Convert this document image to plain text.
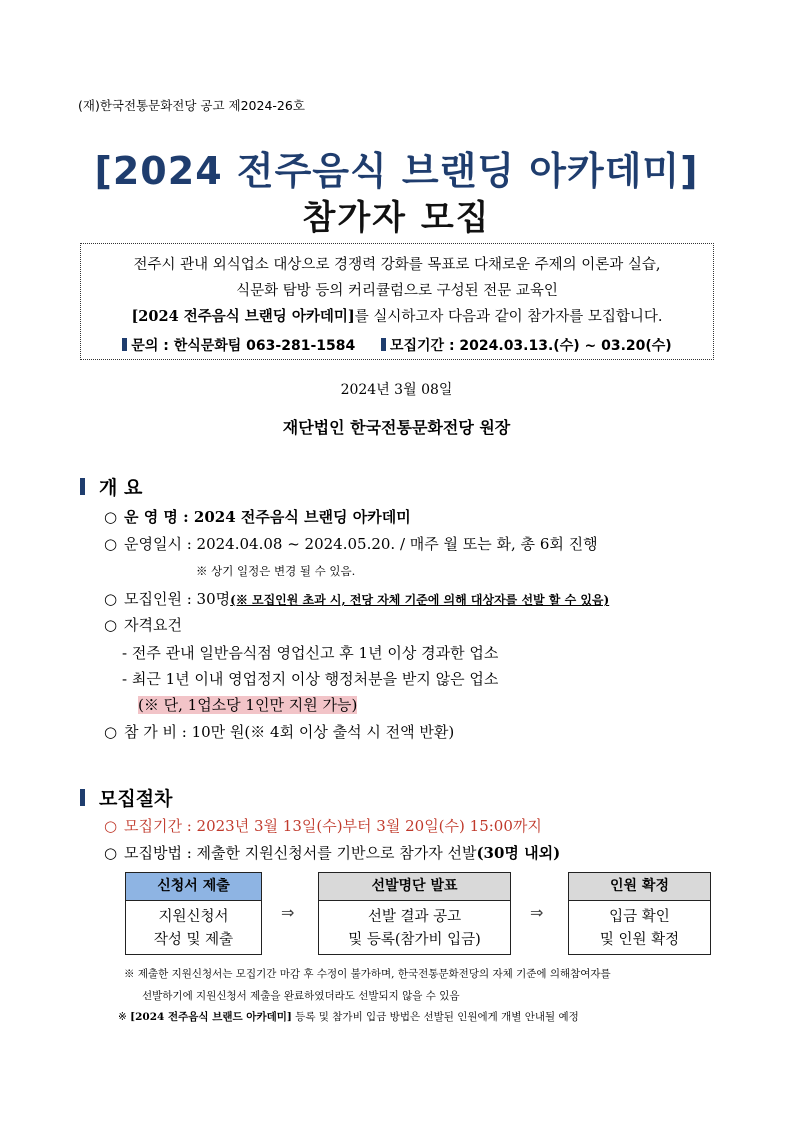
(재)한국전통문화전당 공고 제2024-26호
[2024 전주음식 브랜딩 아카데미]
참가자 모집
전주시 관내 외식업소 대상으로 경쟁력 강화를 목표로 다채로운 주제의 이론과 실습,
식문화 탐방 등의 커리큘럼으로 구성된 전문 교육인
[2024 전주음식 브랜딩 아카데미]를 실시하고자 다음과 같이 참가자를 모집합니다.
문의 : 한식문화팀 063-281-1584 모집기간 : 2024.03.13.(수) ~ 03.20(수)
2024년 3월 08일
재단법인 한국전통문화전당 원장
개 요
○ 운 영 명 : 2024 전주음식 브랜딩 아카데미
○ 운영일시 : 2024.04.08 ~ 2024.05.20. / 매주 월 또는 화, 총 6회 진행
※ 상기 일정은 변경 될 수 있음.
○ 모집인원 : 30명(※ 모집인원 초과 시, 전당 자체 기준에 의해 대상자를 선발 할 수 있음)
○ 자격요건
- 전주 관내 일반음식점 영업신고 후 1년 이상 경과한 업소
- 최근 1년 이내 영업정지 이상 행정처분을 받지 않은 업소
(※ 단, 1업소당 1인만 지원 가능)
○ 참 가 비 : 10만 원(※ 4회 이상 출석 시 전액 반환)
모집절차
○ 모집기간 : 2023년 3월 13일(수)부터 3월 20일(수) 15:00까지
○ 모집방법 : 제출한 지원신청서를 기반으로 참가자 선발(30명 내외)
신청서 제출
지원신청서
작성 및 제출
⇒
선발명단 발표
선발 결과 공고
및 등록(참가비 입금)
⇒
인원 확정
입금 확인
및 인원 확정
※ 제출한 지원신청서는 모집기간 마감 후 수정이 불가하며, 한국전통문화전당의 자체 기준에 의해참여자를
선발하기에 지원신청서 제출을 완료하였더라도 선발되지 않을 수 있음
※ [2024 전주음식 브랜드 아카데미] 등록 및 참가비 입금 방법은 선발된 인원에게 개별 안내될 예정
